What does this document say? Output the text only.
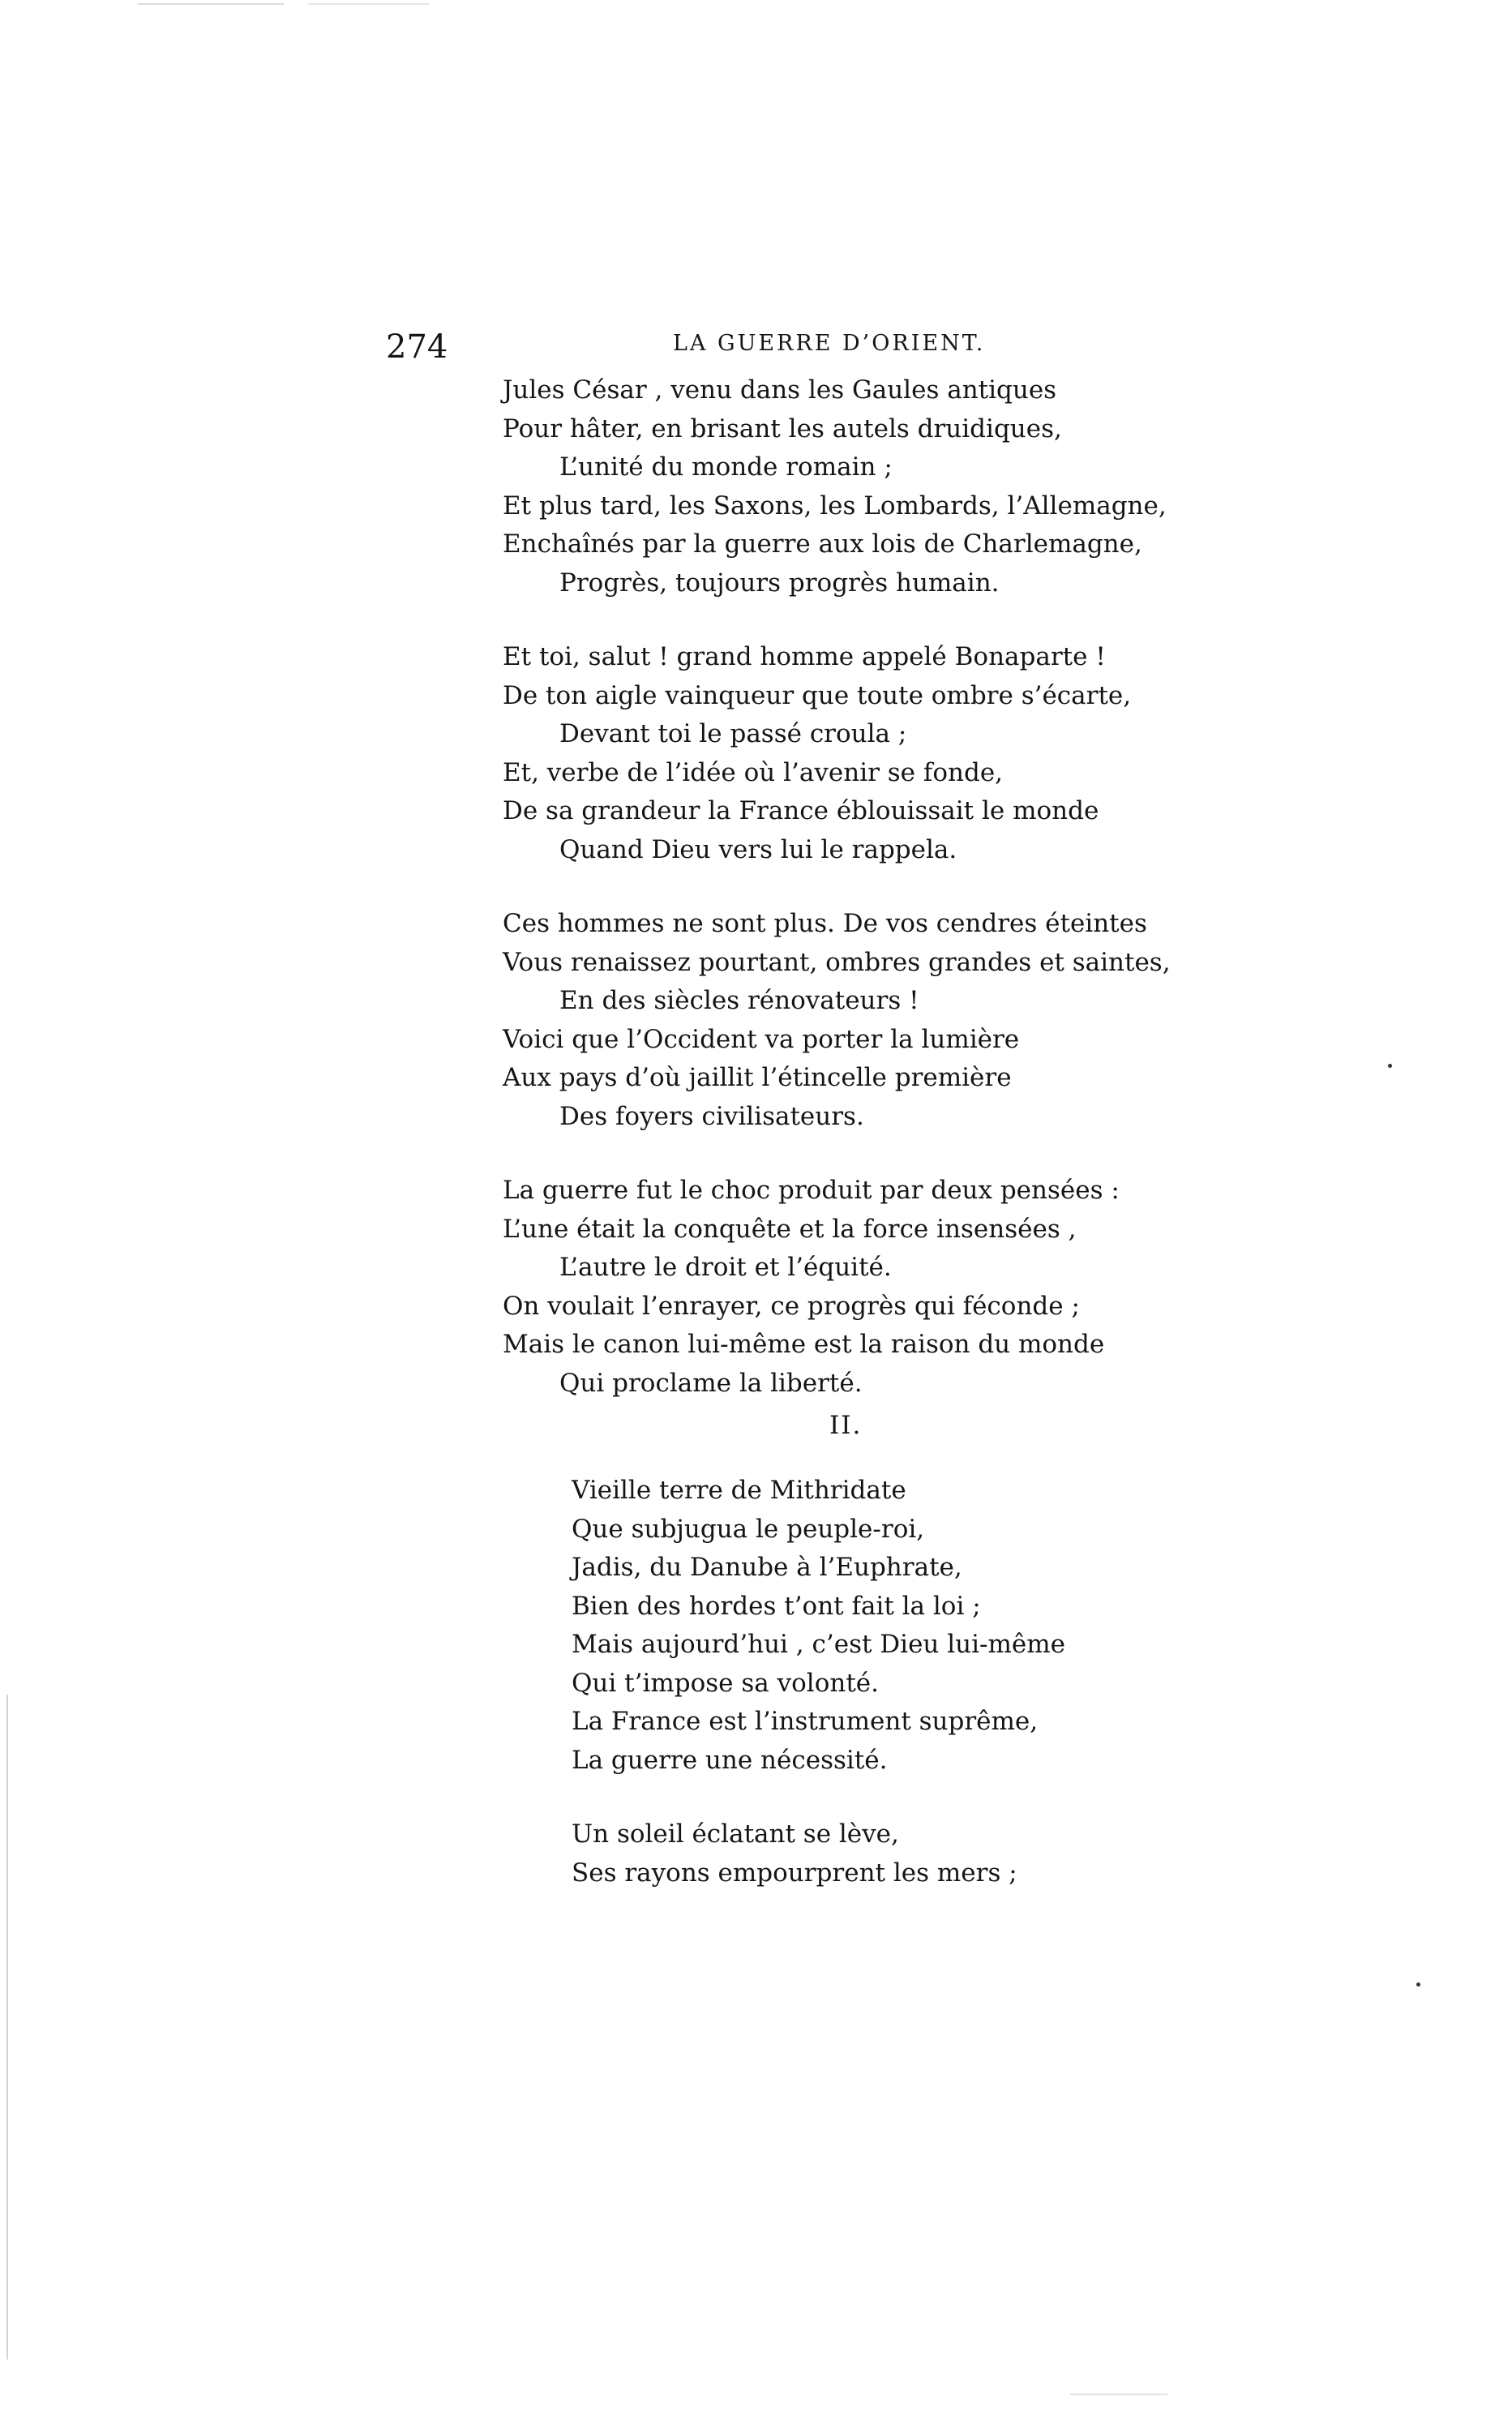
274	LA GUERRE D’ORIENT.
Jules César , venu dans les Gaules antiques
Pour hâter, en brisant les autels druidiques,
L’unité du monde romain ;
Et plus tard, les Saxons, les Lombards, l’Allemagne,
Enchaînés par la guerre aux lois de Charlemagne,
Progrès, toujours progrès humain.
Et toi, salut ! grand homme appelé Bonaparte !
De ton aigle vainqueur que toute ombre s’écarte,
Devant toi le passé croula ;
Et, verbe de l’idée où l’avenir se fonde,
De sa grandeur la France éblouissait le monde
Quand Dieu vers lui le rappela.
Ces hommes ne sont plus. De vos cendres éteintes
Vous renaissez pourtant, ombres grandes et saintes,
En des siècles rénovateurs !
Voici que l’Occident va porter la lumière
Aux pays d’où jaillit l’étincelle première
Des foyers civilisateurs.
La guerre fut le choc produit par deux pensées :
L’une était la conquête et la force insensées ,
L’autre le droit et l’équité.
On voulait l’enrayer, ce progrès qui féconde ;
Mais le canon lui-même est la raison du monde
Qui proclame la liberté.
II.
Vieille terre de Mithridate
Que subjugua le peuple-roi,
Jadis, du Danube à l’Euphrate,
Bien des hordes t’ont fait la loi ;
Mais aujourd’hui , c’est Dieu lui-même
Qui t’impose sa volonté.
La France est l’instrument suprême,
La guerre une nécessité.
Un soleil éclatant se lève,
Ses rayons empourprent les mers ;
